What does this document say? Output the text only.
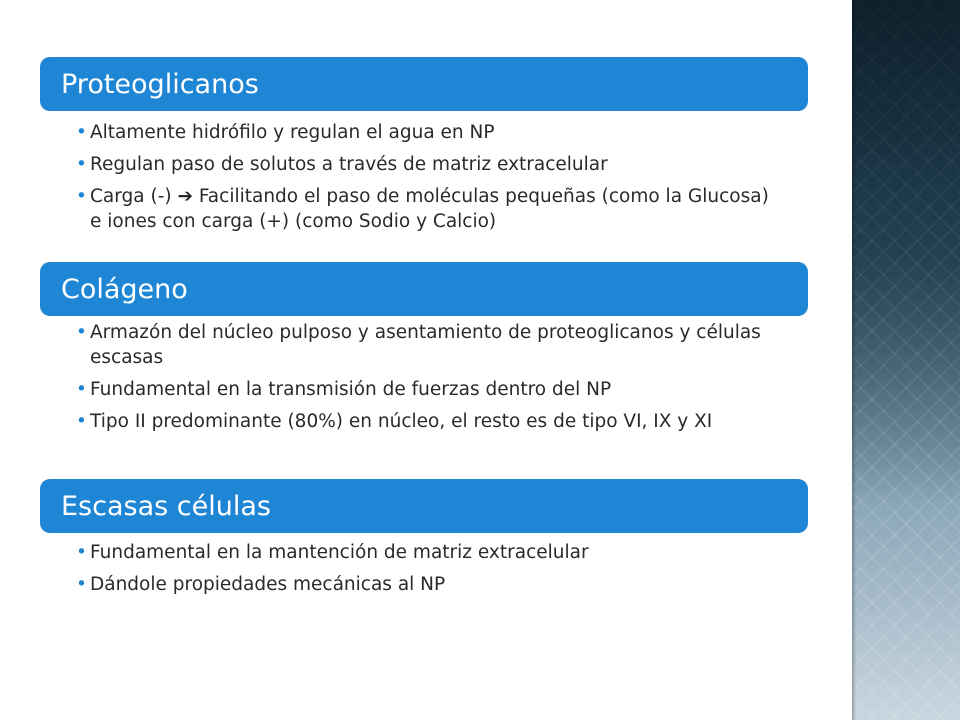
Proteoglicanos
• Altamente hidrófilo y regulan el agua en NP
• Regulan paso de solutos a través de matriz extracelular
• Carga (-) ➔ Facilitando el paso de moléculas pequeñas (como la Glucosa) e iones con carga (+) (como Sodio y Calcio)
Colágeno
• Armazón del núcleo pulposo y asentamiento de proteoglicanos y células escasas
• Fundamental en la transmisión de fuerzas dentro del NP
• Tipo II predominante (80%) en núcleo, el resto es de tipo VI, IX y XI
Escasas células
• Fundamental en la mantención de matriz extracelular
• Dándole propiedades mecánicas al NP
